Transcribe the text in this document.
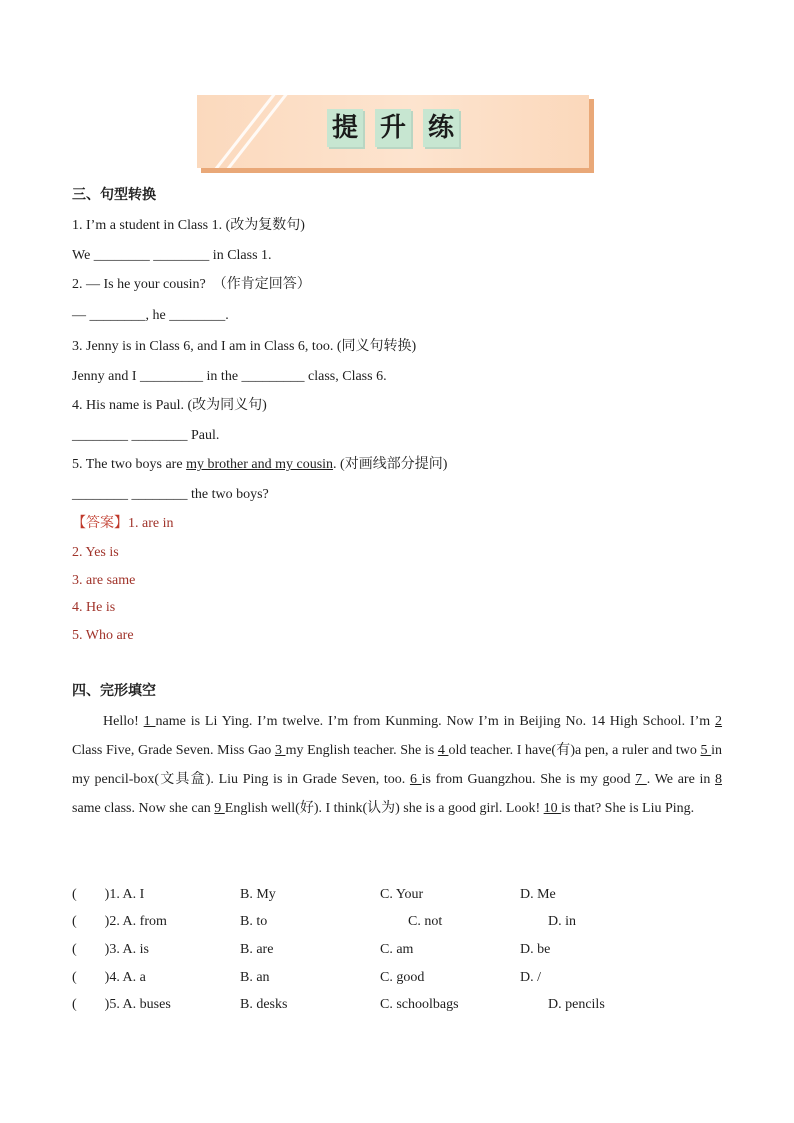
提 升 练
三、句型转换
1. I’m a student in Class 1. (改为复数句)
We ________ ________ in Class 1.
2. — Is he your cousin?　（作肯定回答）
— ________, he ________.
3. Jenny is in Class 6, and I am in Class 6, too. (同义句转换)
Jenny and I _________ in the _________ class, Class 6.
4. His name is Paul. (改为同义句)
________ ________ Paul.
5. The two boys are my brother and my cousin. (对画线部分提问)
________ ________ the two boys?
【答案】1. are in
2. Yes is
3. are same
4. He is
5. Who are
四、完形填空

Hello! 1 name is Li Ying. I’m twelve. I’m from Kunming. Now I’m in Beijing No. 14 High School. I’m 2 Class Five, Grade Seven. Miss Gao 3 my English teacher. She is 4 old teacher. I have(有)a pen, a ruler and two 5 in my pencil-box(文具盒). Liu Ping is in Grade Seven, too. 6 is from Guangzhou. She is my good 7 . We are in 8 same class. Now she can 9 English well(好). I think(认为) she is a good girl. Look! 10 is that? She is Liu Ping.

(　　)1. A. I	B. My	C. Your	D. Me
(　　)2. A. from	B. to	C. not	D. in
(　　)3. A. is	B. are	C. am	D. be
(　　)4. A. a	B. an	C. good	D. /
(　　)5. A. buses	B. desks	C. schoolbags	D. pencils
